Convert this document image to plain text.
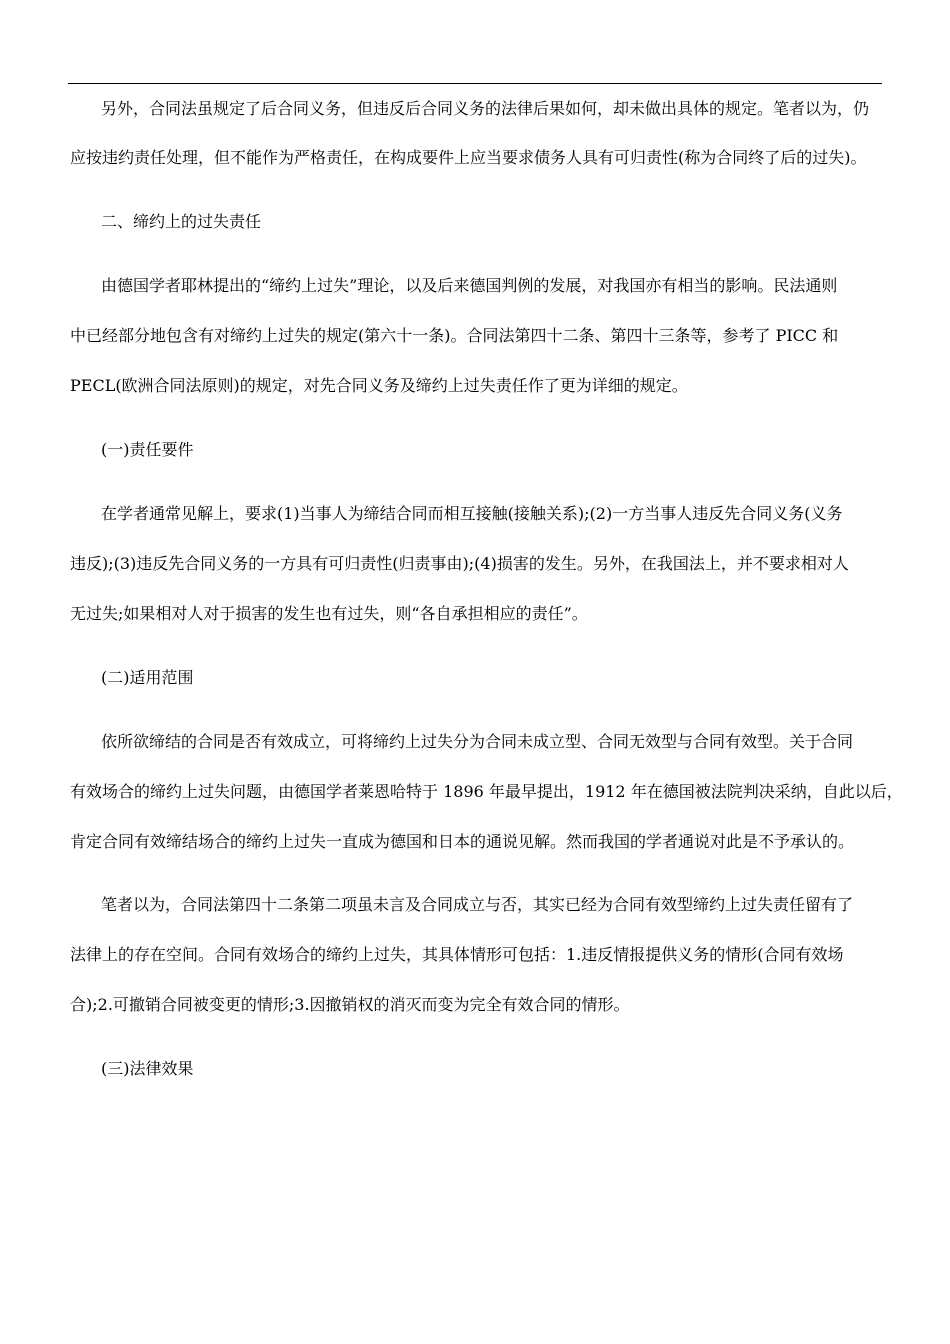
另外，合同法虽规定了后合同义务，但违反后合同义务的法律后果如何，却未做出具体的规定。笔者以为，仍
应按违约责任处理，但不能作为严格责任，在构成要件上应当要求债务人具有可归责性(称为合同终了后的过失)。
二、缔约上的过失责任
由德国学者耶林提出的“缔约上过失”理论，以及后来德国判例的发展，对我国亦有相当的影响。民法通则
中已经部分地包含有对缔约上过失的规定(第六十一条)。合同法第四十二条、第四十三条等，参考了 PICC 和
PECL(欧洲合同法原则)的规定，对先合同义务及缔约上过失责任作了更为详细的规定。
(一)责任要件
在学者通常见解上，要求(1)当事人为缔结合同而相互接触(接触关系);(2)一方当事人违反先合同义务(义务
违反);(3)违反先合同义务的一方具有可归责性(归责事由);(4)损害的发生。另外，在我国法上，并不要求相对人
无过失;如果相对人对于损害的发生也有过失，则“各自承担相应的责任”。
(二)适用范围
依所欲缔结的合同是否有效成立，可将缔约上过失分为合同未成立型、合同无效型与合同有效型。关于合同
有效场合的缔约上过失问题，由德国学者莱恩哈特于 1896 年最早提出，1912 年在德国被法院判决采纳，自此以后，
肯定合同有效缔结场合的缔约上过失一直成为德国和日本的通说见解。然而我国的学者通说对此是不予承认的。
笔者以为，合同法第四十二条第二项虽未言及合同成立与否，其实已经为合同有效型缔约上过失责任留有了
法律上的存在空间。合同有效场合的缔约上过失，其具体情形可包括：1.违反情报提供义务的情形(合同有效场
合);2.可撤销合同被变更的情形;3.因撤销权的消灭而变为完全有效合同的情形。
(三)法律效果
